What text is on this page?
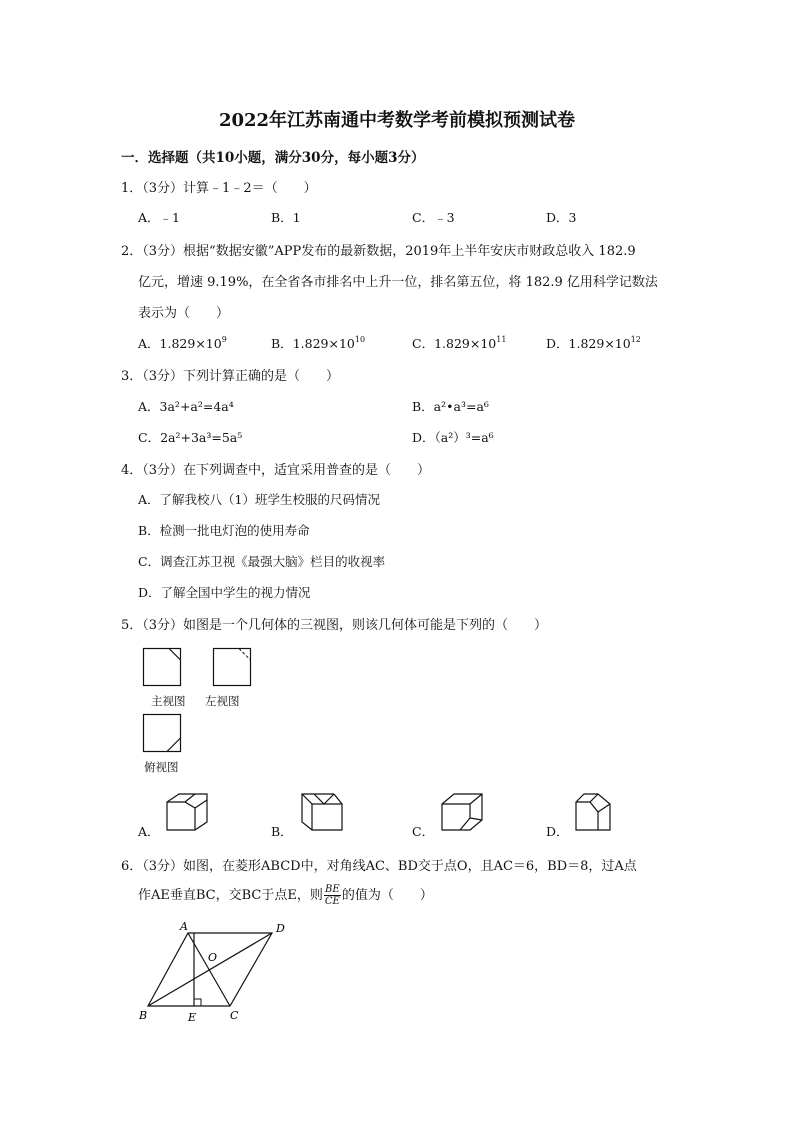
2022年江苏南通中考数学考前模拟预测试卷
一．选择题（共10小题，满分30分，每小题3分）
1．（3分）计算﹣1﹣2＝（　　）
A．﹣1	B．1	C．﹣3	D．3
2．（3分）根据“数据安徽”APP发布的最新数据，2019年上半年安庆市财政总收入 182.9
亿元，增速 9.19%，在全省各市排名中上升一位，排名第五位，将 182.9 亿用科学记数法
表示为（　　）
A．$1.829\times 10^9$	B．$1.829\times 10^{10}$	C．$1.829\times 10^{11}$	D．$1.829\times 10^{12}$
3．（3分）下列计算正确的是（　　）
A．3a²+a²=4a⁴	B．a²•a³=a⁶
C．2a²+3a³=5a⁵	D．（a²）³=a⁶
4．（3分）在下列调查中，适宜采用普查的是（　　）
A．了解我校八（1）班学生校服的尺码情况
B．检测一批电灯泡的使用寿命
C．调查江苏卫视《最强大脑》栏目的收视率
D．了解全国中学生的视力情况
5．（3分）如图是一个几何体的三视图，则该几何体可能是下列的（　　）
主视图 左视图
俯视图
A．	B．	C．	D．
6．（3分）如图，在菱形ABCD中，对角线AC、BD交于点O，且AC＝6，BD＝8，过A点
作AE垂直BC，交BC于点E，则 $\frac{BE}{CE}$ 的值为（　　）
A	D
C
B	E
O
